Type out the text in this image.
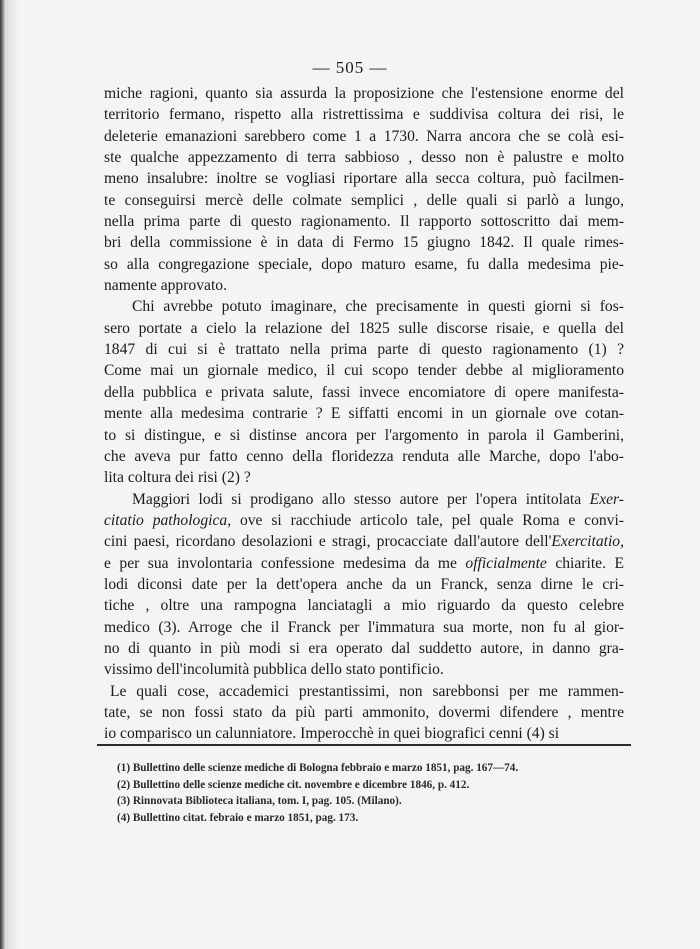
— 505 —
miche ragioni, quanto sia assurda la proposizione che l'estensione enorme del
territorio fermano, rispetto alla ristrettissima e suddivisa coltura dei risi, le
deleterie emanazioni sarebbero come 1 a 1730. Narra ancora che se colà esi-
ste qualche appezzamento di terra sabbioso , desso non è palustre e molto
meno insalubre: inoltre se vogliasi riportare alla secca coltura, può facilmen-
te conseguirsi mercè delle colmate semplici , delle quali si parlò a lungo,
nella prima parte di questo ragionamento. Il rapporto sottoscritto dai mem-
bri della commissione è in data di Fermo 15 giugno 1842. Il quale rimes-
so alla congregazione speciale, dopo maturo esame, fu dalla medesima pie-
namente approvato.
Chi avrebbe potuto imaginare, che precisamente in questi giorni si fos-
sero portate a cielo la relazione del 1825 sulle discorse risaie, e quella del
1847 di cui si è trattato nella prima parte di questo ragionamento (1) ?
Come mai un giornale medico, il cui scopo tender debbe al miglioramento
della pubblica e privata salute, fassi invece encomiatore di opere manifesta-
mente alla medesima contrarie ? E siffatti encomi in un giornale ove cotan-
to si distingue, e si distinse ancora per l'argomento in parola il Gamberini,
che aveva pur fatto cenno della floridezza renduta alle Marche, dopo l'abo-
lita coltura dei risi (2) ?
Maggiori lodi si prodigano allo stesso autore per l'opera intitolata Exer-
citatio pathologica, ove si racchiude articolo tale, pel quale Roma e convi-
cini paesi, ricordano desolazioni e stragi, procacciate dall'autore dell'Exercitatio,
e per sua involontaria confessione medesima da me officialmente chiarite. E
lodi diconsi date per la dett'opera anche da un Franck, senza dirne le cri-
tiche , oltre una rampogna lanciatagli a mio riguardo da questo celebre
medico (3). Arroge che il Franck per l'immatura sua morte, non fu al gior-
no di quanto in più modi si era operato dal suddetto autore, in danno gra-
vissimo dell'incolumità pubblica dello stato pontificio.
Le quali cose, accademici prestantissimi, non sarebbonsi per me rammen-
tate, se non fossi stato da più parti ammonito, dovermi difendere , mentre
io comparisco un calunniatore. Imperocchè in quei biografici cenni (4) si
(1) Bullettino delle scienze mediche di Bologna febbraio e marzo 1851, pag. 167—74.
(2) Bullettino delle scienze mediche cit. novembre e dicembre 1846, p. 412.
(3) Rinnovata Biblioteca italiana, tom. I, pag. 105. (Milano).
(4) Bullettino citat. febraio e marzo 1851, pag. 173.
